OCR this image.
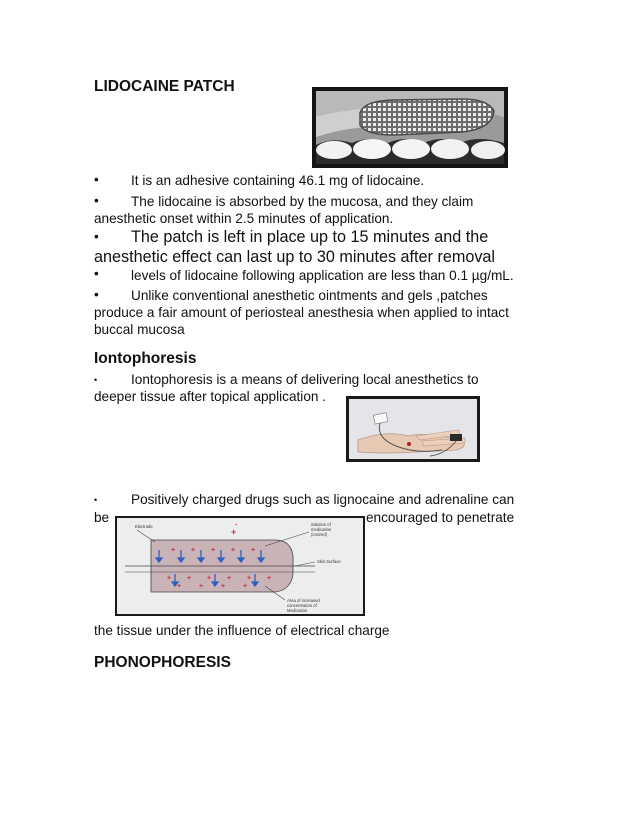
LIDOCAINE PATCH
• It is an adhesive containing 46.1 mg of lidocaine.
• The lidocaine is absorbed by the mucosa, and they claim
anesthetic onset within 2.5 minutes of application.
• The patch is left in place up to 15 minutes and the
anesthetic effect can last up to 30 minutes after removal
• levels of lidocaine following application are less than 0.1 µg/mL.
• Unlike conventional anesthetic ointments and gels ,patches
produce a fair amount of periosteal anesthesia when applied to intact
buccal mucosa
Iontophoresis
• Iontophoresis is a means of delivering local anesthetics to
deeper tissue after topical application .
• Positively charged drugs such as lignocaine and adrenaline can
be	encouraged to penetrate
+
+ + + + +
+ + + + + +
+	+	+	+
+
Electrode	Solution of
medication
(ionized)
Skin Surface
Area of increased
concentration of
Medication
the tissue under the influence of electrical charge
PHONOPHORESIS
